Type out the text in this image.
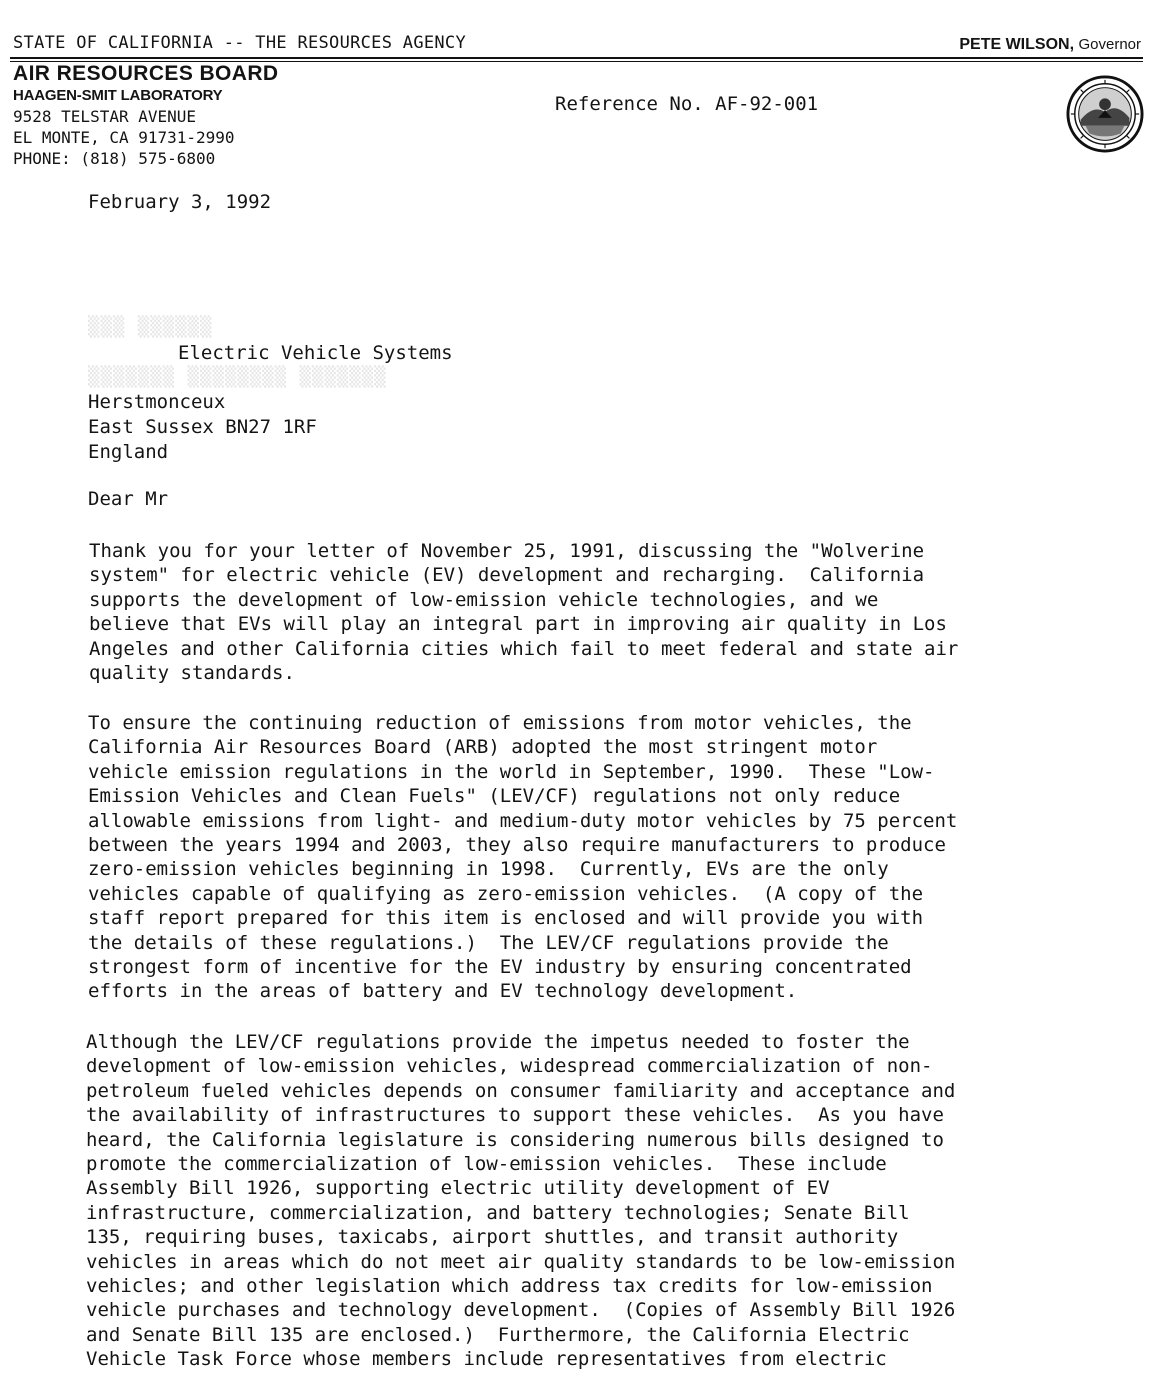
STATE OF CALIFORNIA -- THE RESOURCES AGENCY	PETE WILSON, Governor
AIR RESOURCES BOARD
HAAGEN-SMIT LABORATORY
9528 TELSTAR AVENUE
EL MONTE, CA 91731-2990
PHONE: (818) 575-6800
Reference No. AF-92-001
February 3, 1992
▒▒▒ ▒▒▒▒▒▒
▒▒▒▒▒▒▒ ▒▒▒▒▒▒▒▒ ▒▒▒▒▒▒▒
Electric Vehicle Systems
Herstmonceux
East Sussex BN27 1RF
England
Dear Mr
Thank you for your letter of November 25, 1991, discussing the "Wolverine
system" for electric vehicle (EV) development and recharging.  California
supports the development of low-emission vehicle technologies, and we
believe that EVs will play an integral part in improving air quality in Los
Angeles and other California cities which fail to meet federal and state air
quality standards.
To ensure the continuing reduction of emissions from motor vehicles, the
California Air Resources Board (ARB) adopted the most stringent motor
vehicle emission regulations in the world in September, 1990.  These "Low-
Emission Vehicles and Clean Fuels" (LEV/CF) regulations not only reduce
allowable emissions from light- and medium-duty motor vehicles by 75 percent
between the years 1994 and 2003, they also require manufacturers to produce
zero-emission vehicles beginning in 1998.  Currently, EVs are the only
vehicles capable of qualifying as zero-emission vehicles.  (A copy of the
staff report prepared for this item is enclosed and will provide you with
the details of these regulations.)  The LEV/CF regulations provide the
strongest form of incentive for the EV industry by ensuring concentrated
efforts in the areas of battery and EV technology development.
Although the LEV/CF regulations provide the impetus needed to foster the
development of low-emission vehicles, widespread commercialization of non-
petroleum fueled vehicles depends on consumer familiarity and acceptance and
the availability of infrastructures to support these vehicles.  As you have
heard, the California legislature is considering numerous bills designed to
promote the commercialization of low-emission vehicles.  These include
Assembly Bill 1926, supporting electric utility development of EV
infrastructure, commercialization, and battery technologies; Senate Bill
135, requiring buses, taxicabs, airport shuttles, and transit authority
vehicles in areas which do not meet air quality standards to be low-emission
vehicles; and other legislation which address tax credits for low-emission
vehicle purchases and technology development.  (Copies of Assembly Bill 1926
and Senate Bill 135 are enclosed.)  Furthermore, the California Electric
Vehicle Task Force whose members include representatives from electric
